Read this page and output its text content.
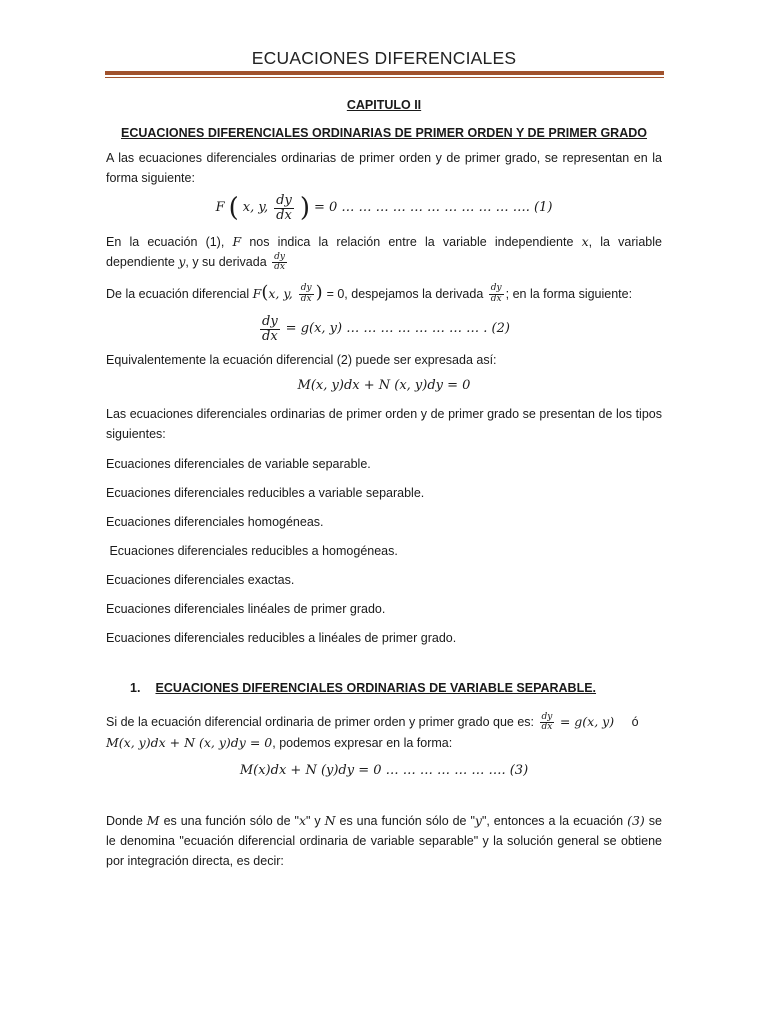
ECUACIONES DIFERENCIALES
CAPITULO II
ECUACIONES DIFERENCIALES ORDINARIAS DE PRIMER ORDEN Y DE PRIMER GRADO

A las ecuaciones diferenciales ordinarias de primer orden y de primer grado, se representan en la forma siguiente:

F ( x, y, $\frac{dy}{dx}$ ) = 0 … … … … … … … … … … …. (1)

En la ecuación (1), F nos indica la relación entre la variable independiente x, la variable dependiente y, y su derivada $\frac{dy}{dx}$

De la ecuación diferencial F(x, y, $\frac{dy}{dx}$ ) = 0, despejamos la derivada $\frac{dy}{dx}$ ; en la forma siguiente:

$\frac{dy}{dx} = g(x$, y) … … … … … … … … . (2)

Equivalentemente la ecuación diferencial (2) puede ser expresada así:

M(x, y)dx + N (x, y)dy = 0

Las ecuaciones diferenciales ordinarias de primer orden y de primer grado se presentan de los tipos siguientes:

Ecuaciones diferenciales de variable separable.

Ecuaciones diferenciales reducibles a variable separable.

Ecuaciones diferenciales homogéneas.

Ecuaciones diferenciales reducibles a homogéneas.

Ecuaciones diferenciales exactas.

Ecuaciones diferenciales linéales de primer grado.

Ecuaciones diferenciales reducibles a linéales de primer grado.

1. ECUACIONES DIFERENCIALES ORDINARIAS DE VARIABLE SEPARABLE.

Si de la ecuación diferencial ordinaria de primer orden y primer grado que es: $\frac{dy}{dx} = g(x$, y) ó
M(x, y)dx + N (x, y)dy = 0, podemos expresar en la forma:

M(x)dx + N (y)dy = 0 … … … … … … …. (3)

Donde M es una función sólo de "x" y N es una función sólo de "y", entonces a la ecuación (3) se le denomina "ecuación diferencial ordinaria de variable separable" y la solución general se obtiene por integración directa, es decir:
